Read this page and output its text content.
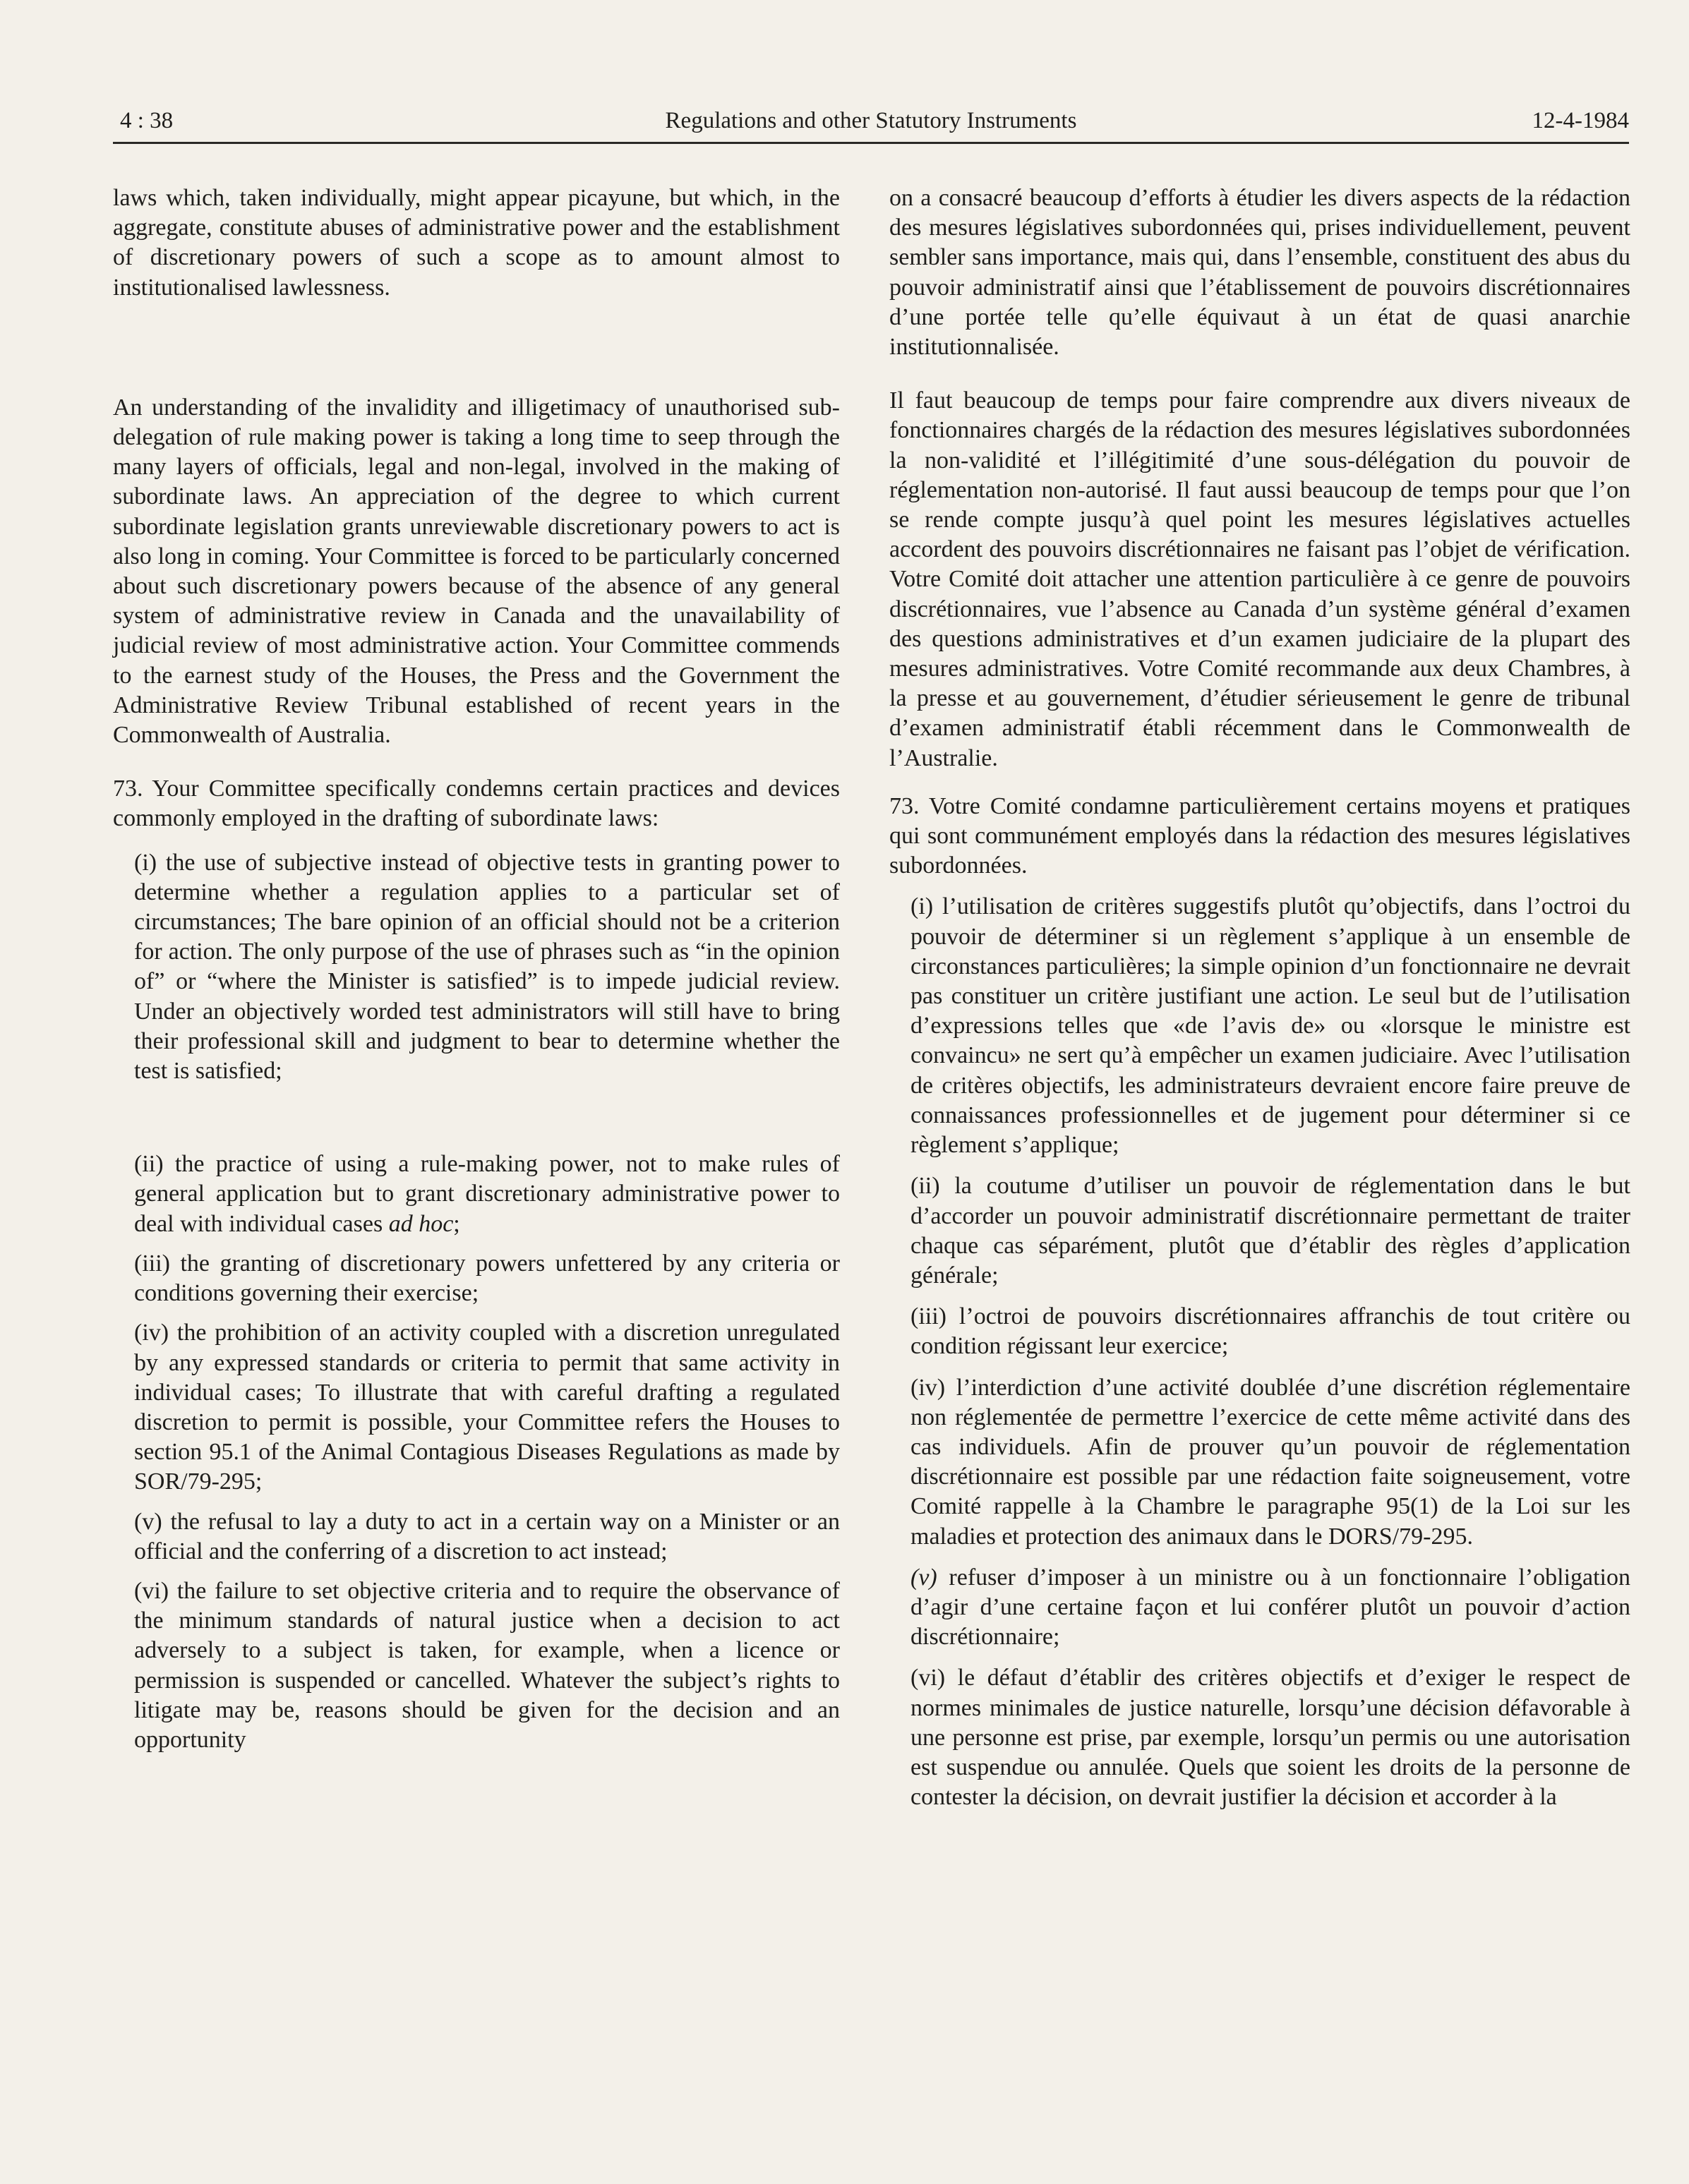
4 : 38	Regulations and other Statutory Instruments	12-4-1984

laws which, taken individually, might appear picayune, but which, in the aggregate, constitute abuses of administrative power and the establishment of discretionary powers of such a scope as to amount almost to institutionalised lawlessness.

An understanding of the invalidity and illigetimacy of unauthorised sub-delegation of rule making power is taking a long time to seep through the many layers of officials, legal and non-legal, involved in the making of subordinate laws. An appreciation of the degree to which current subordinate legislation grants unreviewable discretionary powers to act is also long in coming. Your Committee is forced to be particularly concerned about such discretionary powers because of the absence of any general system of administrative review in Canada and the unavailability of judicial review of most administrative action. Your Committee commends to the earnest study of the Houses, the Press and the Government the Administrative Review Tribunal established of recent years in the Commonwealth of Australia.

73. Your Committee specifically condemns certain practices and devices commonly employed in the drafting of subordinate laws:

(i) the use of subjective instead of objective tests in granting power to determine whether a regulation applies to a particular set of circumstances; The bare opinion of an official should not be a criterion for action. The only purpose of the use of phrases such as “in the opinion of” or “where the Minister is satisfied” is to impede judicial review. Under an objectively worded test administrators will still have to bring their professional skill and judgment to bear to determine whether the test is satisfied;

(ii) the practice of using a rule-making power, not to make rules of general application but to grant discretionary administrative power to deal with individual cases ad hoc;

(iii) the granting of discretionary powers unfettered by any criteria or conditions governing their exercise;

(iv) the prohibition of an activity coupled with a discretion unregulated by any expressed standards or criteria to permit that same activity in individual cases; To illustrate that with careful drafting a regulated discretion to permit is possible, your Committee refers the Houses to section 95.1 of the Animal Contagious Diseases Regulations as made by SOR/79-295;

(v) the refusal to lay a duty to act in a certain way on a Minister or an official and the conferring of a discretion to act instead;

(vi) the failure to set objective criteria and to require the observance of the minimum standards of natural justice when a decision to act adversely to a subject is taken, for example, when a licence or permission is suspended or cancelled. Whatever the subject’s rights to litigate may be, reasons should be given for the decision and an opportunity

on a consacré beaucoup d’efforts à étudier les divers aspects de la rédaction des mesures législatives subordonnées qui, prises individuellement, peuvent sembler sans importance, mais qui, dans l’ensemble, constituent des abus du pouvoir administratif ainsi que l’établissement de pouvoirs discrétionnaires d’une portée telle qu’elle équivaut à un état de quasi anarchie institutionnalisée.

Il faut beaucoup de temps pour faire comprendre aux divers niveaux de fonctionnaires chargés de la rédaction des mesures législatives subordonnées la non-validité et l’illégitimité d’une sous-délégation du pouvoir de réglementation non-autorisé. Il faut aussi beaucoup de temps pour que l’on se rende compte jusqu’à quel point les mesures législatives actuelles accordent des pouvoirs discrétionnaires ne faisant pas l’objet de vérification. Votre Comité doit attacher une attention particulière à ce genre de pouvoirs discrétionnaires, vue l’absence au Canada d’un système général d’examen des questions administratives et d’un examen judiciaire de la plupart des mesures administratives. Votre Comité recommande aux deux Chambres, à la presse et au gouvernement, d’étudier sérieusement le genre de tribunal d’examen administratif établi récemment dans le Commonwealth de l’Australie.

73. Votre Comité condamne particulièrement certains moyens et pratiques qui sont communément employés dans la rédaction des mesures législatives subordonnées.

(i) l’utilisation de critères suggestifs plutôt qu’objectifs, dans l’octroi du pouvoir de déterminer si un règlement s’applique à un ensemble de circonstances particulières; la simple opinion d’un fonctionnaire ne devrait pas constituer un critère justifiant une action. Le seul but de l’utilisation d’expressions telles que «de l’avis de» ou «lorsque le ministre est convaincu» ne sert qu’à empêcher un examen judiciaire. Avec l’utilisation de critères objectifs, les administrateurs devraient encore faire preuve de connaissances professionnelles et de jugement pour déterminer si ce règlement s’applique;

(ii) la coutume d’utiliser un pouvoir de réglementation dans le but d’accorder un pouvoir administratif discrétionnaire permettant de traiter chaque cas séparément, plutôt que d’établir des règles d’application générale;

(iii) l’octroi de pouvoirs discrétionnaires affranchis de tout critère ou condition régissant leur exercice;

(iv) l’interdiction d’une activité doublée d’une discrétion réglementaire non réglementée de permettre l’exercice de cette même activité dans des cas individuels. Afin de prouver qu’un pouvoir de réglementation discrétionnaire est possible par une rédaction faite soigneusement, votre Comité rappelle à la Chambre le paragraphe 95(1) de la Loi sur les maladies et protection des animaux dans le DORS/79-295.

(v) refuser d’imposer à un ministre ou à un fonctionnaire l’obligation d’agir d’une certaine façon et lui conférer plutôt un pouvoir d’action discrétionnaire;

(vi) le défaut d’établir des critères objectifs et d’exiger le respect de normes minimales de justice naturelle, lorsqu’une décision défavorable à une personne est prise, par exemple, lorsqu’un permis ou une autorisation est suspendue ou annulée. Quels que soient les droits de la personne de contester la décision, on devrait justifier la décision et accorder à la
